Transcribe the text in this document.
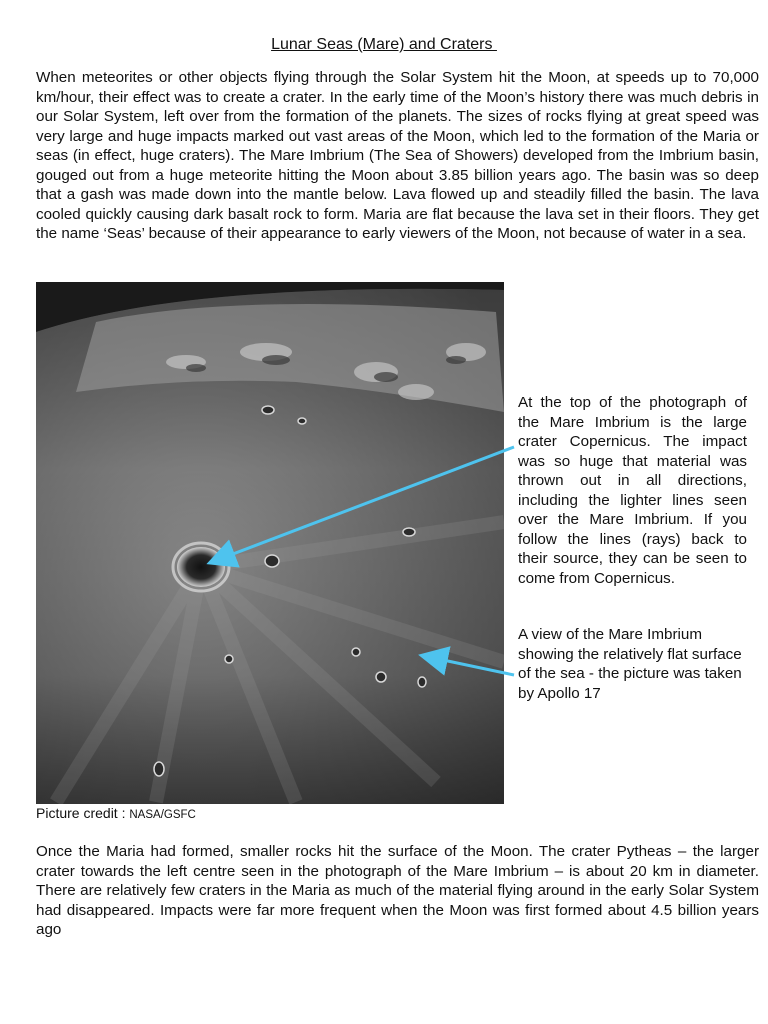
Lunar Seas (Mare) and Craters

When meteorites or other objects flying through the Solar System hit the Moon, at speeds up to 70,000 km/hour, their effect was to create a crater. In the early time of the Moon’s history there was much debris in our Solar System, left over from the formation of the planets. The sizes of rocks flying at great speed was very large and huge impacts marked out vast areas of the Moon, which led to the formation of the Maria or seas (in effect, huge craters). The Mare Imbrium (The Sea of Showers) developed from the Imbrium basin, gouged out from a huge meteorite hitting the Moon about 3.85 billion years ago. The basin was so deep that a gash was made down into the mantle below. Lava flowed up and steadily filled the basin. The lava cooled quickly causing dark basalt rock to form. Maria are flat because the lava set in their floors. They get the name ‘Seas’ because of their appearance to early viewers of the Moon, not because of water in a sea.

At the top of the photograph of the Mare Imbrium is the large crater Copernicus. The impact was so huge that material was thrown out in all directions, including the lighter lines seen over the Mare Imbrium. If you follow the lines (rays) back to their source, they can be seen to come from Copernicus.

A view of the Mare Imbrium showing the relatively flat surface of the sea - the picture was taken by Apollo 17

Picture credit : NASA/GSFC

Once the Maria had formed, smaller rocks hit the surface of the Moon. The crater Pytheas – the larger crater towards the left centre seen in the photograph of the Mare Imbrium – is about 20 km in diameter. There are relatively few craters in the Maria as much of the material flying around in the early Solar System had disappeared. Impacts were far more frequent when the Moon was first formed about 4.5 billion years ago
